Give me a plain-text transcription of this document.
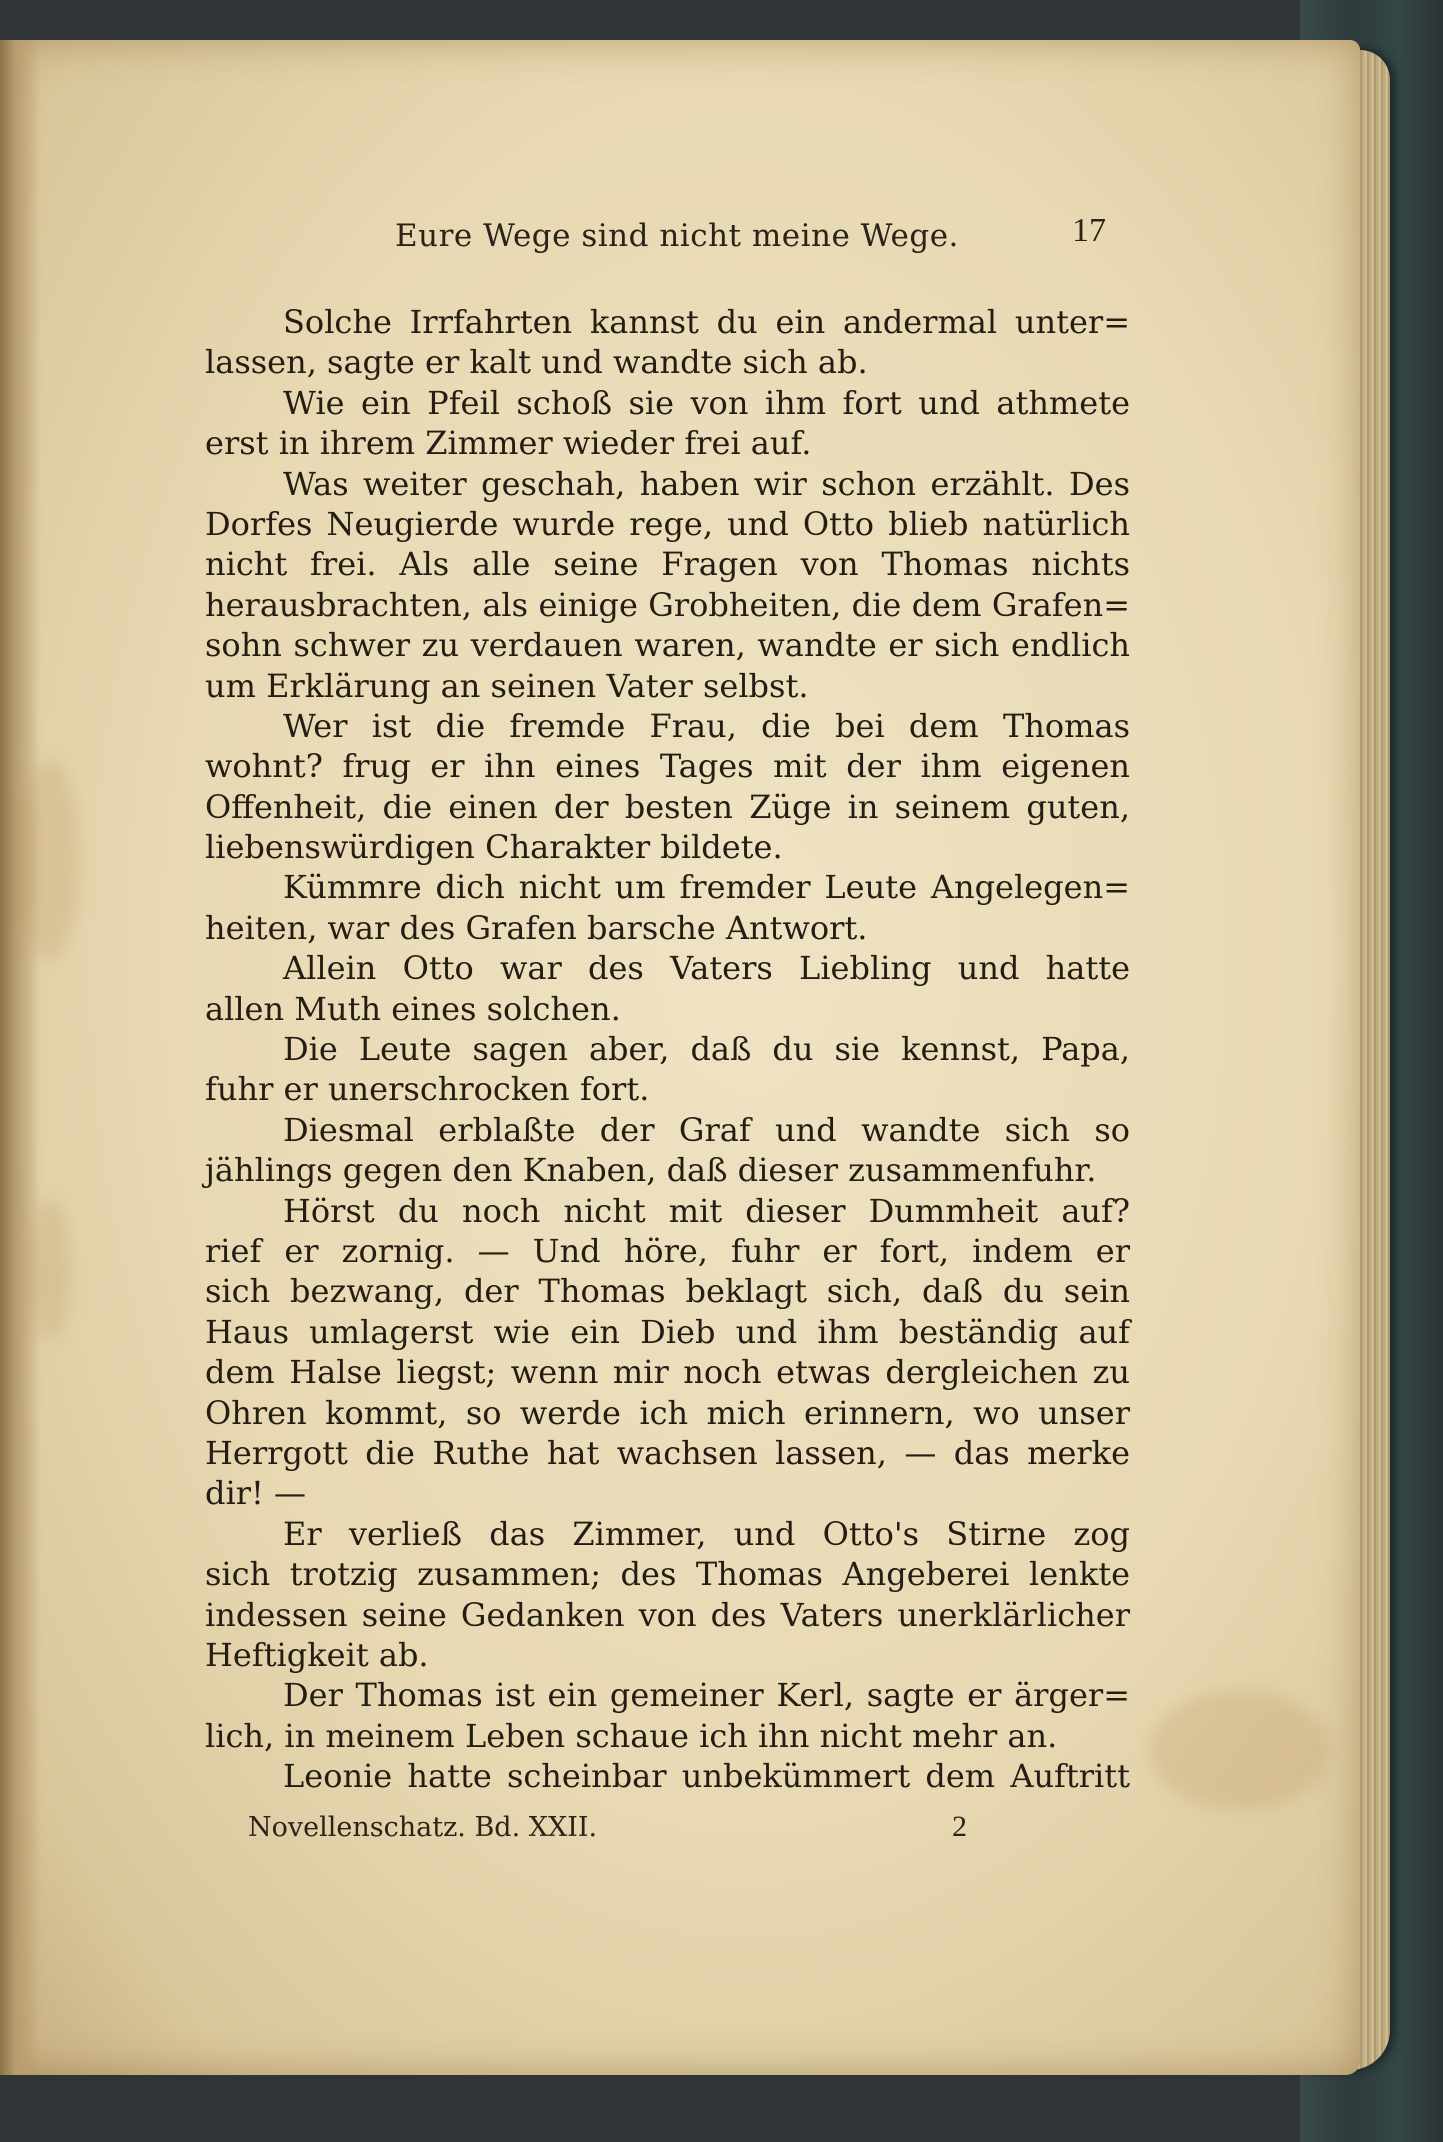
Eure Wege sind nicht meine Wege.	17
Solche Irrfahrten kannst du ein andermal unter=
lassen, sagte er kalt und wandte sich ab.
Wie ein Pfeil schoß sie von ihm fort und athmete
erst in ihrem Zimmer wieder frei auf.
Was weiter geschah, haben wir schon erzählt. Des
Dorfes Neugierde wurde rege, und Otto blieb natürlich
nicht frei. Als alle seine Fragen von Thomas nichts
herausbrachten, als einige Grobheiten, die dem Grafen=
sohn schwer zu verdauen waren, wandte er sich endlich
um Erklärung an seinen Vater selbst.
Wer ist die fremde Frau, die bei dem Thomas
wohnt? frug er ihn eines Tages mit der ihm eigenen
Offenheit, die einen der besten Züge in seinem guten,
liebenswürdigen Charakter bildete.
Kümmre dich nicht um fremder Leute Angelegen=
heiten, war des Grafen barsche Antwort.
Allein Otto war des Vaters Liebling und hatte
allen Muth eines solchen.
Die Leute sagen aber, daß du sie kennst, Papa,
fuhr er unerschrocken fort.
Diesmal erblaßte der Graf und wandte sich so
jählings gegen den Knaben, daß dieser zusammenfuhr.
Hörst du noch nicht mit dieser Dummheit auf?
rief er zornig. — Und höre, fuhr er fort, indem er
sich bezwang, der Thomas beklagt sich, daß du sein
Haus umlagerst wie ein Dieb und ihm beständig auf
dem Halse liegst; wenn mir noch etwas dergleichen zu
Ohren kommt, so werde ich mich erinnern, wo unser
Herrgott die Ruthe hat wachsen lassen, — das merke
dir! —
Er verließ das Zimmer, und Otto's Stirne zog
sich trotzig zusammen; des Thomas Angeberei lenkte
indessen seine Gedanken von des Vaters unerklärlicher
Heftigkeit ab.
Der Thomas ist ein gemeiner Kerl, sagte er ärger=
lich, in meinem Leben schaue ich ihn nicht mehr an.
Leonie hatte scheinbar unbekümmert dem Auftritt
Novellenschatz. Bd. XXII.	2
